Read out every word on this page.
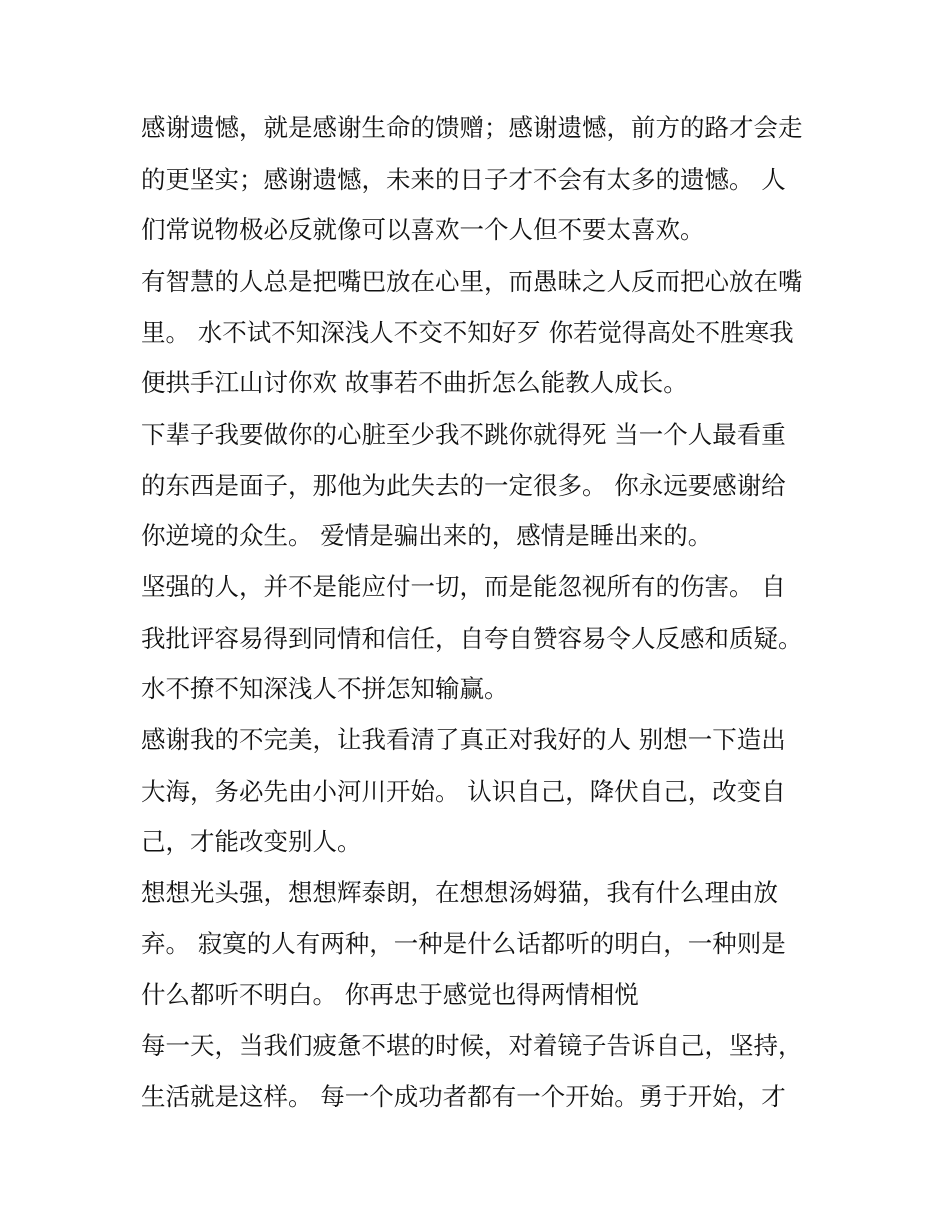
感谢遗憾，就是感谢生命的馈赠；感谢遗憾，前方的路才会走

的更坚实；感谢遗憾，未来的日子才不会有太多的遗憾。 人

们常说物极必反就像可以喜欢一个人但不要太喜欢。

有智慧的人总是把嘴巴放在心里，而愚昧之人反而把心放在嘴

里。 水不试不知深浅人不交不知好歹 你若觉得高处不胜寒我

便拱手江山讨你欢 故事若不曲折怎么能教人成长。

下辈子我要做你的心脏至少我不跳你就得死 当一个人最看重

的东西是面子，那他为此失去的一定很多。 你永远要感谢给

你逆境的众生。 爱情是骗出来的，感情是睡出来的。

坚强的人，并不是能应付一切，而是能忽视所有的伤害。 自

我批评容易得到同情和信任，自夸自赞容易令人反感和质疑。

水不撩不知深浅人不拼怎知输赢。

感谢我的不完美，让我看清了真正对我好的人 别想一下造出

大海，务必先由小河川开始。 认识自己，降伏自己，改变自

己，才能改变别人。

想想光头强，想想辉泰朗，在想想汤姆猫，我有什么理由放

弃。 寂寞的人有两种，一种是什么话都听的明白，一种则是

什么都听不明白。 你再忠于感觉也得两情相悦

每一天，当我们疲惫不堪的时候，对着镜子告诉自己，坚持，

生活就是这样。 每一个成功者都有一个开始。勇于开始，才
